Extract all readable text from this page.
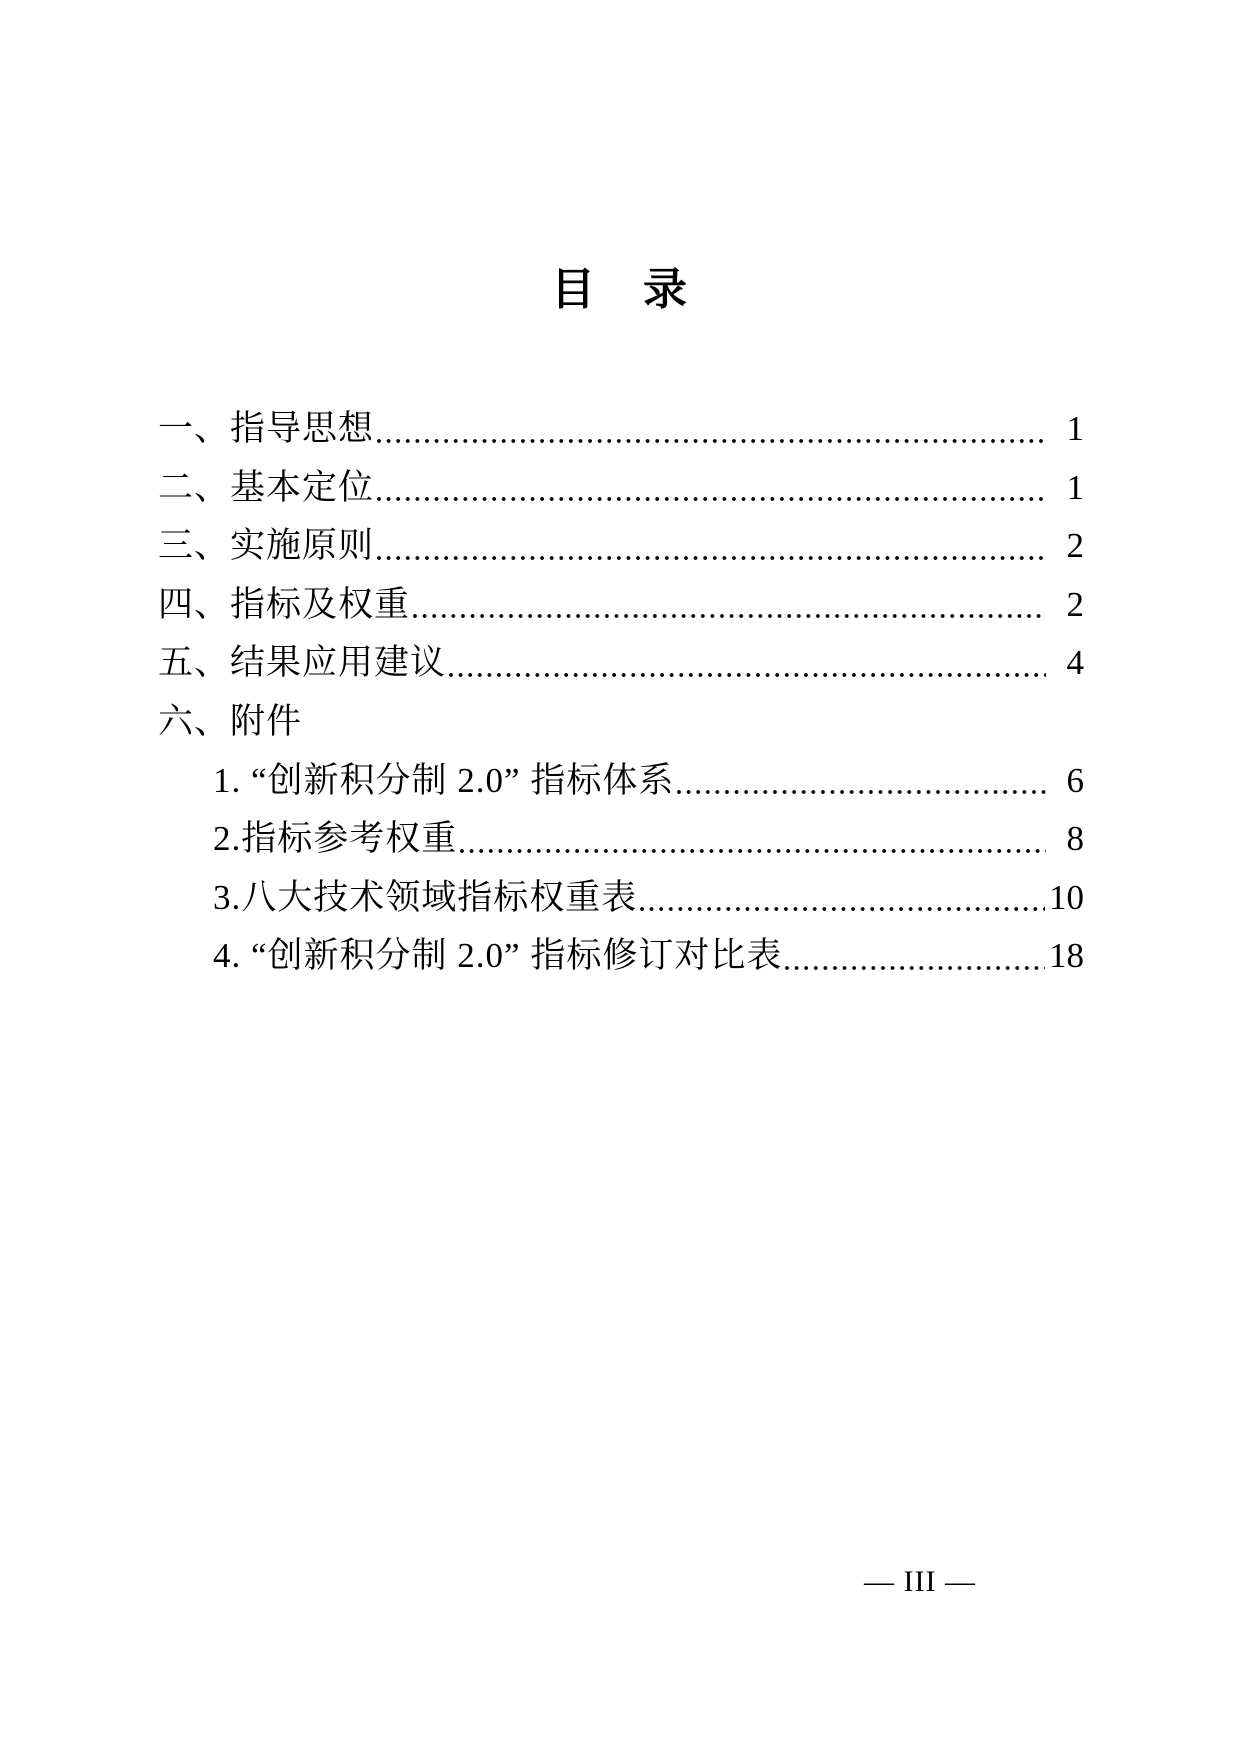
目　录
一、指导思想	1
二、基本定位	1
三、实施原则	2
四、指标及权重	2
五、结果应用建议	4
六、附件
1. “创新积分制 2.0” 指标体系	6
2.指标参考权重	8
3.八大技术领域指标权重表	10
4. “创新积分制 2.0” 指标修订对比表	18
— III —
